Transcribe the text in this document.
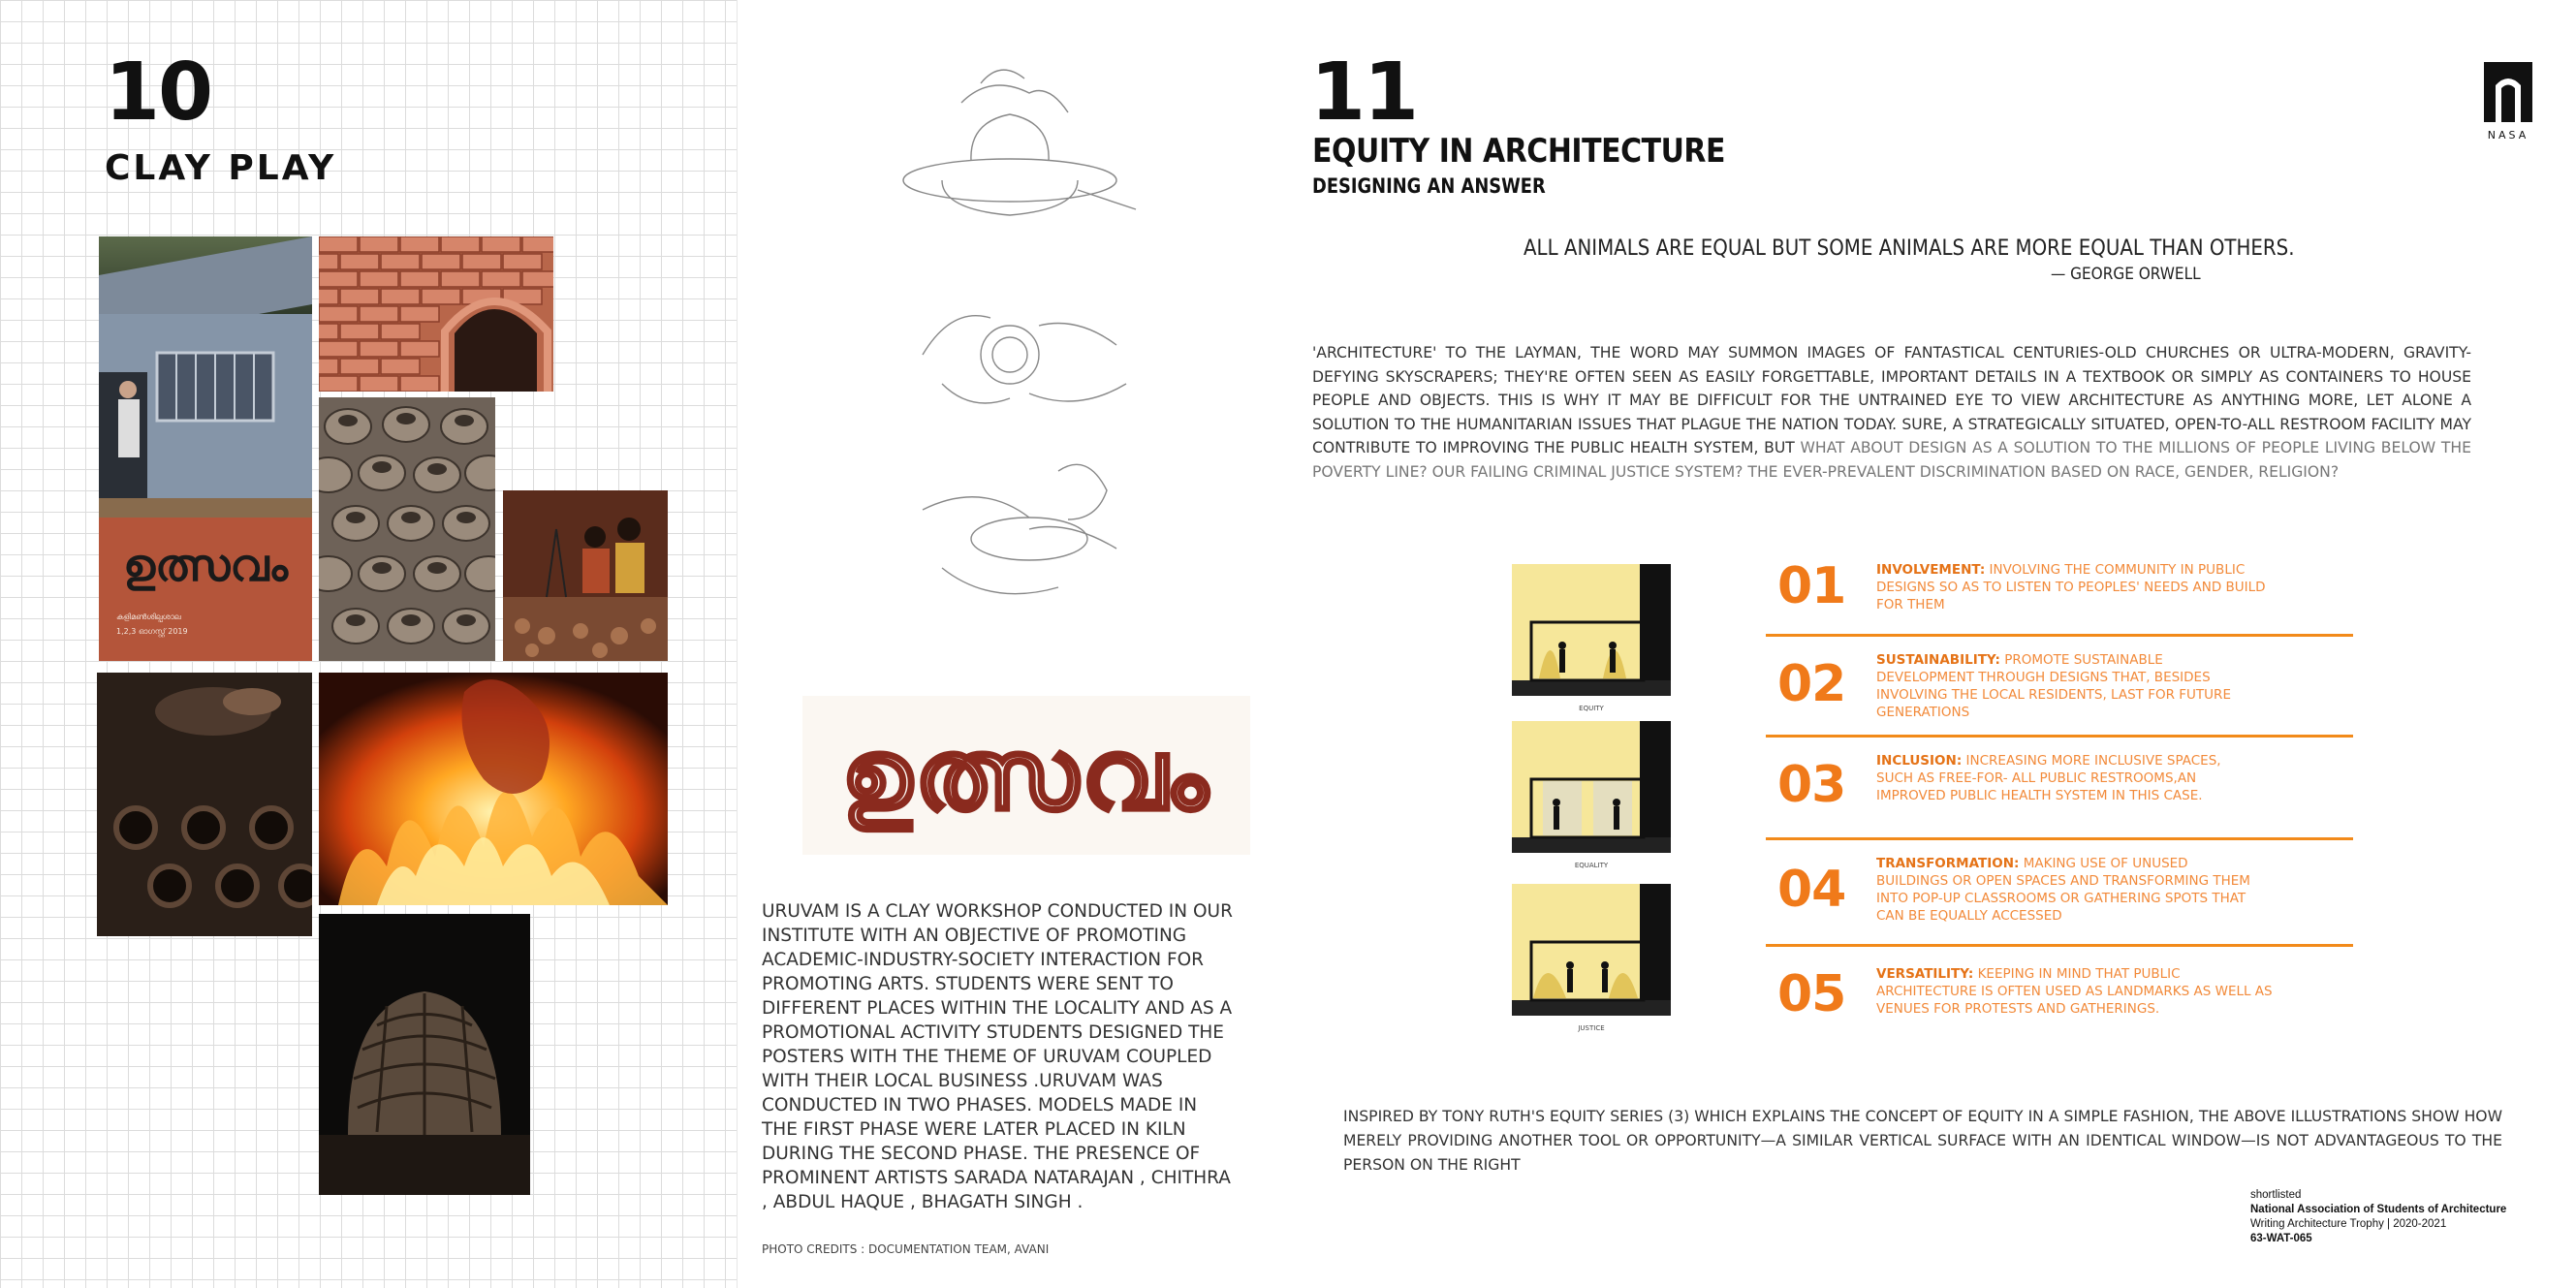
10
CLAY PLAY
ഉത്സവം
കളിമൺശില്പശാല
1,2,3 ഓഗസ്റ്റ് 2019
ഉത്സവം
URUVAM IS A CLAY WORKSHOP CONDUCTED IN OUR INSTITUTE WITH AN OBJECTIVE OF PROMOTING ACADEMIC-INDUSTRY-SOCIETY INTERACTION FOR PROMOTING ARTS. STUDENTS WERE SENT TO DIFFERENT PLACES WITHIN THE LOCALITY AND AS A PROMOTIONAL ACTIVITY STUDENTS DESIGNED THE POSTERS WITH THE THEME OF URUVAM COUPLED WITH THEIR LOCAL BUSINESS .URUVAM WAS CONDUCTED IN TWO PHASES. MODELS MADE IN THE FIRST PHASE WERE LATER PLACED IN KILN DURING THE SECOND PHASE. THE PRESENCE OF PROMINENT ARTISTS SARADA NATARAJAN , CHITHRA , ABDUL HAQUE , BHAGATH SINGH .
PHOTO CREDITS : DOCUMENTATION TEAM, AVANI
11
EQUITY IN ARCHITECTURE
DESIGNING AN ANSWER
NASA
ALL ANIMALS ARE EQUAL BUT SOME ANIMALS ARE MORE EQUAL THAN OTHERS.
— GEORGE ORWELL
'ARCHITECTURE' TO THE LAYMAN, THE WORD MAY SUMMON IMAGES OF FANTASTICAL CENTURIES-OLD CHURCHES OR ULTRA-MODERN, GRAVITY-DEFYING SKYSCRAPERS; THEY'RE OFTEN SEEN AS EASILY FORGETTABLE, IMPORTANT DETAILS IN A TEXTBOOK OR SIMPLY AS CONTAINERS TO HOUSE PEOPLE AND OBJECTS. THIS IS WHY IT MAY BE DIFFICULT FOR THE UNTRAINED EYE TO VIEW ARCHITECTURE AS ANYTHING MORE, LET ALONE A SOLUTION TO THE HUMANITARIAN ISSUES THAT PLAGUE THE NATION TODAY. SURE, A STRATEGICALLY SITUATED, OPEN-TO-ALL RESTROOM FACILITY MAY CONTRIBUTE TO IMPROVING THE PUBLIC HEALTH SYSTEM, BUT WHAT ABOUT DESIGN AS A SOLUTION TO THE MILLIONS OF PEOPLE LIVING BELOW THE POVERTY LINE? OUR FAILING CRIMINAL JUSTICE SYSTEM? THE EVER-PREVALENT DISCRIMINATION BASED ON RACE, GENDER, RELIGION?
EQUITY
EQUALITY
JUSTICE
01 INVOLVEMENT: INVOLVING THE COMMUNITY IN PUBLIC DESIGNS SO AS TO LISTEN TO PEOPLES' NEEDS AND BUILD FOR THEM
02 SUSTAINABILITY: PROMOTE SUSTAINABLE DEVELOPMENT THROUGH DESIGNS THAT, BESIDES INVOLVING THE LOCAL RESIDENTS, LAST FOR FUTURE GENERATIONS
03 INCLUSION: INCREASING MORE INCLUSIVE SPACES, SUCH AS FREE-FOR- ALL PUBLIC RESTROOMS,AN IMPROVED PUBLIC HEALTH SYSTEM IN THIS CASE.
04 TRANSFORMATION: MAKING USE OF UNUSED BUILDINGS OR OPEN SPACES AND TRANSFORMING THEM INTO POP-UP CLASSROOMS OR GATHERING SPOTS THAT CAN BE EQUALLY ACCESSED
05 VERSATILITY: KEEPING IN MIND THAT PUBLIC ARCHITECTURE IS OFTEN USED AS LANDMARKS AS WELL AS VENUES FOR PROTESTS AND GATHERINGS.
INSPIRED BY TONY RUTH'S EQUITY SERIES (3) WHICH EXPLAINS THE CONCEPT OF EQUITY IN A SIMPLE FASHION, THE ABOVE ILLUSTRATIONS SHOW HOW MERELY PROVIDING ANOTHER TOOL OR OPPORTUNITY—A SIMILAR VERTICAL SURFACE WITH AN IDENTICAL WINDOW—IS NOT ADVANTAGEOUS TO THE PERSON ON THE RIGHT
shortlisted
National Association of Students of Architecture
Writing Architecture Trophy | 2020-2021
63-WAT-065
